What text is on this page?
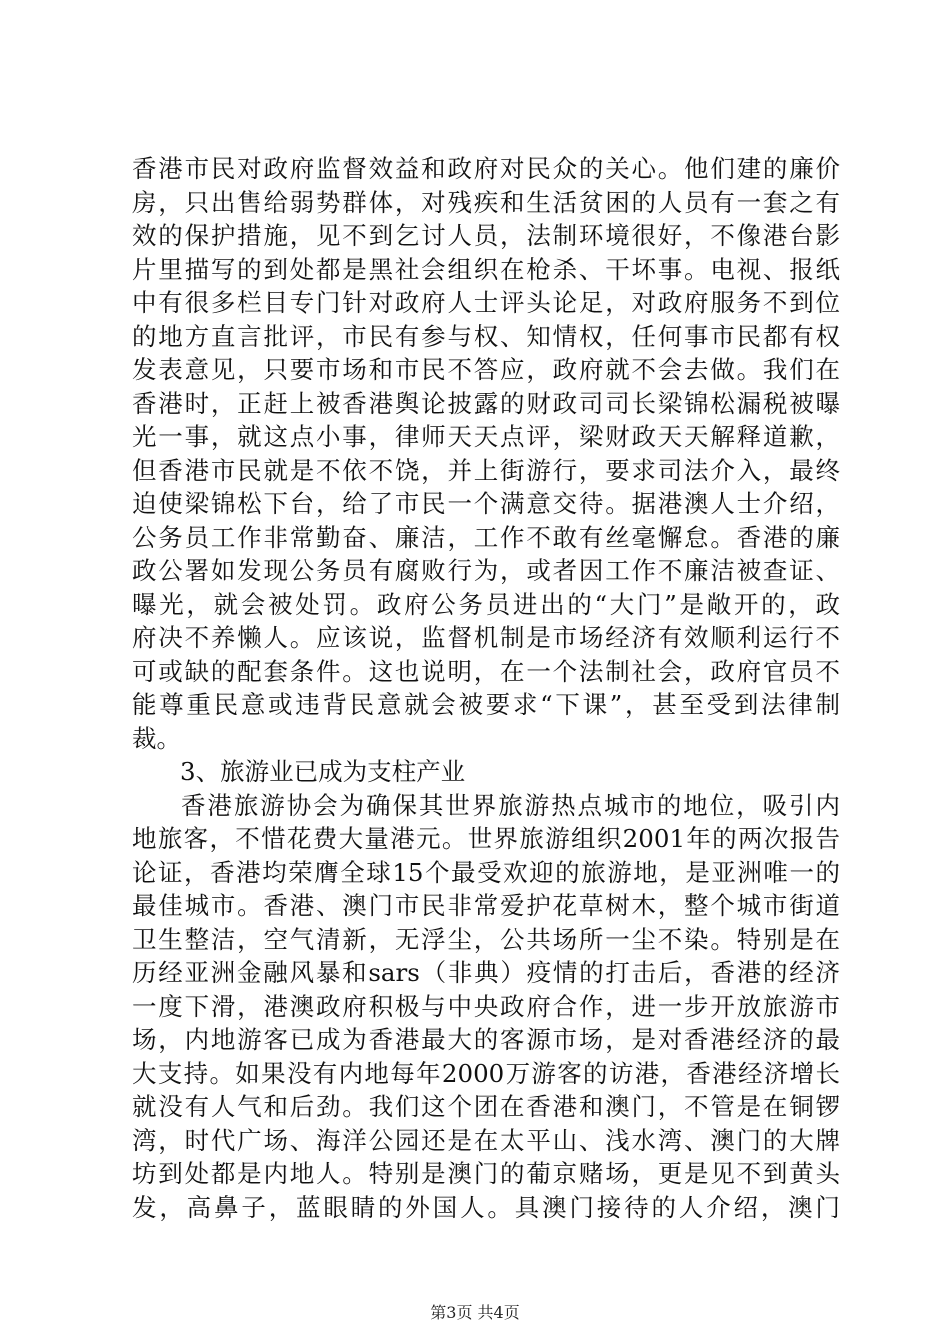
香港市民对政府监督效益和政府对民众的关心。他们建的廉价
房，只出售给弱势群体，对残疾和生活贫困的人员有一套之有
效的保护措施，见不到乞讨人员，法制环境很好，不像港台影
片里描写的到处都是黑社会组织在枪杀、干坏事。电视、报纸
中有很多栏目专门针对政府人士评头论足，对政府服务不到位
的地方直言批评，市民有参与权、知情权，任何事市民都有权
发表意见，只要市场和市民不答应，政府就不会去做。我们在
香港时，正赶上被香港舆论披露的财政司司长梁锦松漏税被曝
光一事，就这点小事，律师天天点评，梁财政天天解释道歉，
但香港市民就是不依不饶，并上街游行，要求司法介入，最终
迫使梁锦松下台，给了市民一个满意交待。据港澳人士介绍，
公务员工作非常勤奋、廉洁，工作不敢有丝毫懈怠。香港的廉
政公署如发现公务员有腐败行为，或者因工作不廉洁被查证、
曝光，就会被处罚。政府公务员进出的“大门”是敞开的，政
府决不养懒人。应该说，监督机制是市场经济有效顺利运行不
可或缺的配套条件。这也说明，在一个法制社会，政府官员不
能尊重民意或违背民意就会被要求“下课”，甚至受到法律制
裁。
3、旅游业已成为支柱产业
香港旅游协会为确保其世界旅游热点城市的地位，吸引内
地旅客，不惜花费大量港元。世界旅游组织2001年的两次报告
论证，香港均荣膺全球15个最受欢迎的旅游地，是亚洲唯一的
最佳城市。香港、澳门市民非常爱护花草树木，整个城市街道
卫生整洁，空气清新，无浮尘，公共场所一尘不染。特别是在
历经亚洲金融风暴和sars（非典）疫情的打击后，香港的经济
一度下滑，港澳政府积极与中央政府合作，进一步开放旅游市
场，内地游客已成为香港最大的客源市场，是对香港经济的最
大支持。如果没有内地每年2000万游客的访港，香港经济增长
就没有人气和后劲。我们这个团在香港和澳门，不管是在铜锣
湾，时代广场、海洋公园还是在太平山、浅水湾、澳门的大牌
坊到处都是内地人。特别是澳门的葡京赌场，更是见不到黄头
发，高鼻子，蓝眼睛的外国人。具澳门接待的人介绍，澳门
第3页 共4页
